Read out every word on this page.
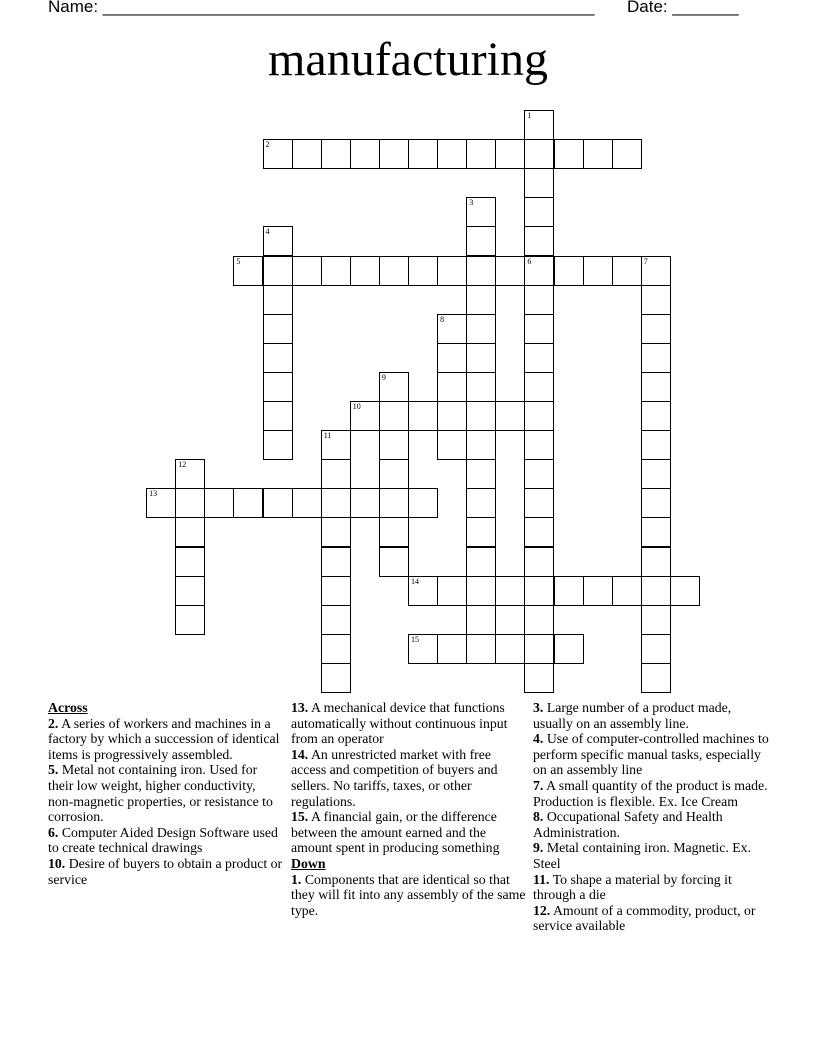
Name: ____________________________________________________ Date: _______
manufacturing
1
6
2
3
4
5	7
8
9
10
11
12
13
14
15
Across
2. A series of workers and machines in a factory by which a succession of identical items is progressively assembled.
5. Metal not containing iron. Used for their low weight, higher conductivity, non-magnetic properties, or resistance to corrosion.
6. Computer Aided Design Software used to create technical drawings
10. Desire of buyers to obtain a product or service
13. A mechanical device that functions automatically without continuous input from an operator
14. An unrestricted market with free access and competition of buyers and sellers. No tariffs, taxes, or other regulations.
15. A financial gain, or the difference between the amount earned and the amount spent in producing something
Down
1. Components that are identical so that they will fit into any assembly of the same type.
3. Large number of a product made, usually on an assembly line.
4. Use of computer-controlled machines to perform specific manual tasks, especially on an assembly line
7. A small quantity of the product is made. Production is flexible. Ex. Ice Cream
8. Occupational Safety and Health Administration.
9. Metal containing iron. Magnetic. Ex. Steel
11. To shape a material by forcing it through a die
12. Amount of a commodity, product, or service available
